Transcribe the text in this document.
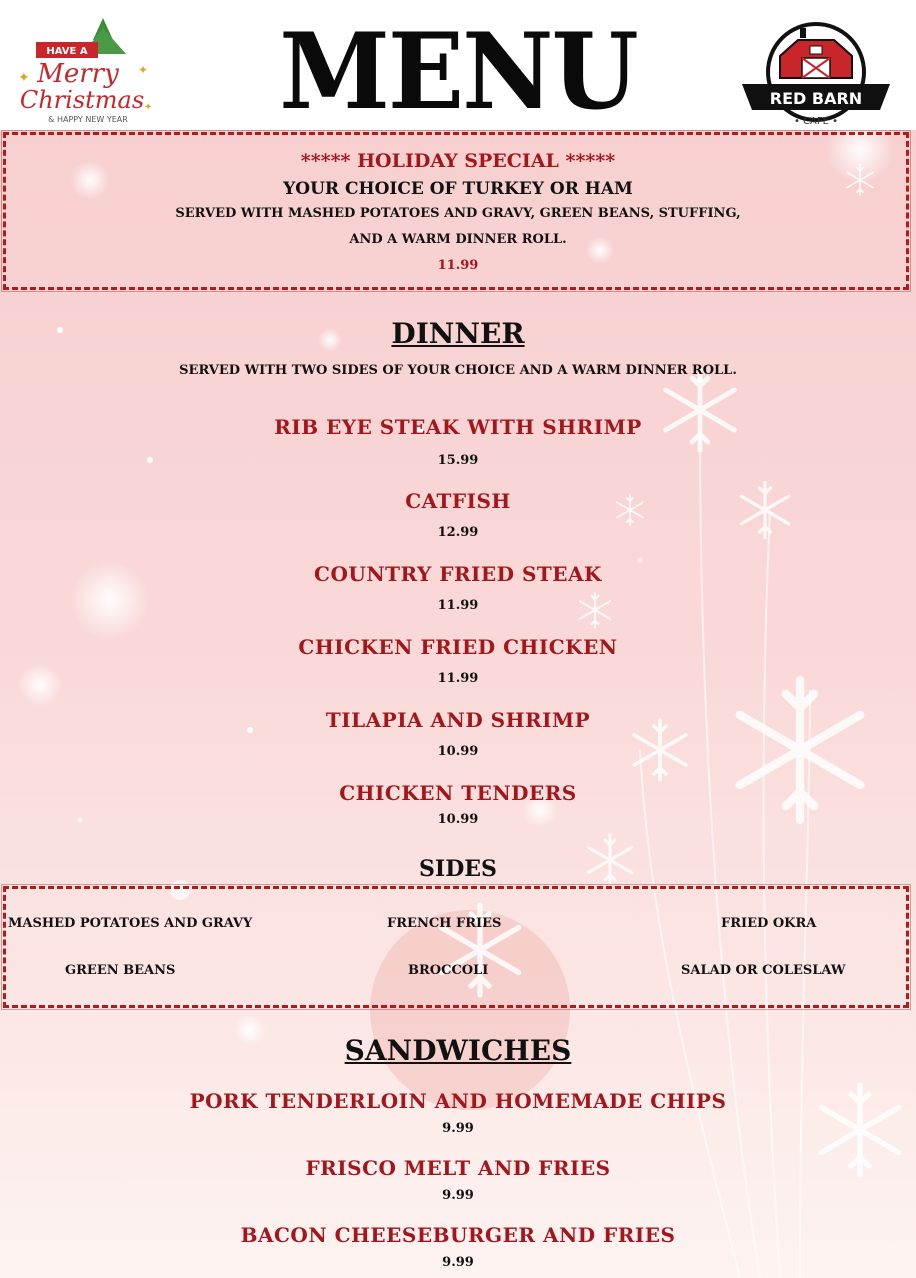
HAVE A
Merry
Christmas
& HAPPY NEW YEAR
✦	✦
✦	MENU	RED BARN
• CAFE •
***** HOLIDAY SPECIAL *****
YOUR CHOICE OF TURKEY OR HAM
SERVED WITH MASHED POTATOES AND GRAVY, GREEN BEANS, STUFFING,
AND A WARM DINNER ROLL.
11.99
DINNER
SERVED WITH TWO SIDES OF YOUR CHOICE AND A WARM DINNER ROLL.
RIB EYE STEAK WITH SHRIMP
15.99
CATFISH
12.99
COUNTRY FRIED STEAK
11.99
CHICKEN FRIED CHICKEN
11.99
TILAPIA AND SHRIMP
10.99
CHICKEN TENDERS
10.99
SIDES
MASHED POTATOES AND GRAVY	FRENCH FRIES	FRIED OKRA
GREEN BEANS	BROCCOLI	SALAD OR COLESLAW
SANDWICHES
PORK TENDERLOIN AND HOMEMADE CHIPS
9.99
FRISCO MELT AND FRIES
9.99
BACON CHEESEBURGER AND FRIES
9.99
